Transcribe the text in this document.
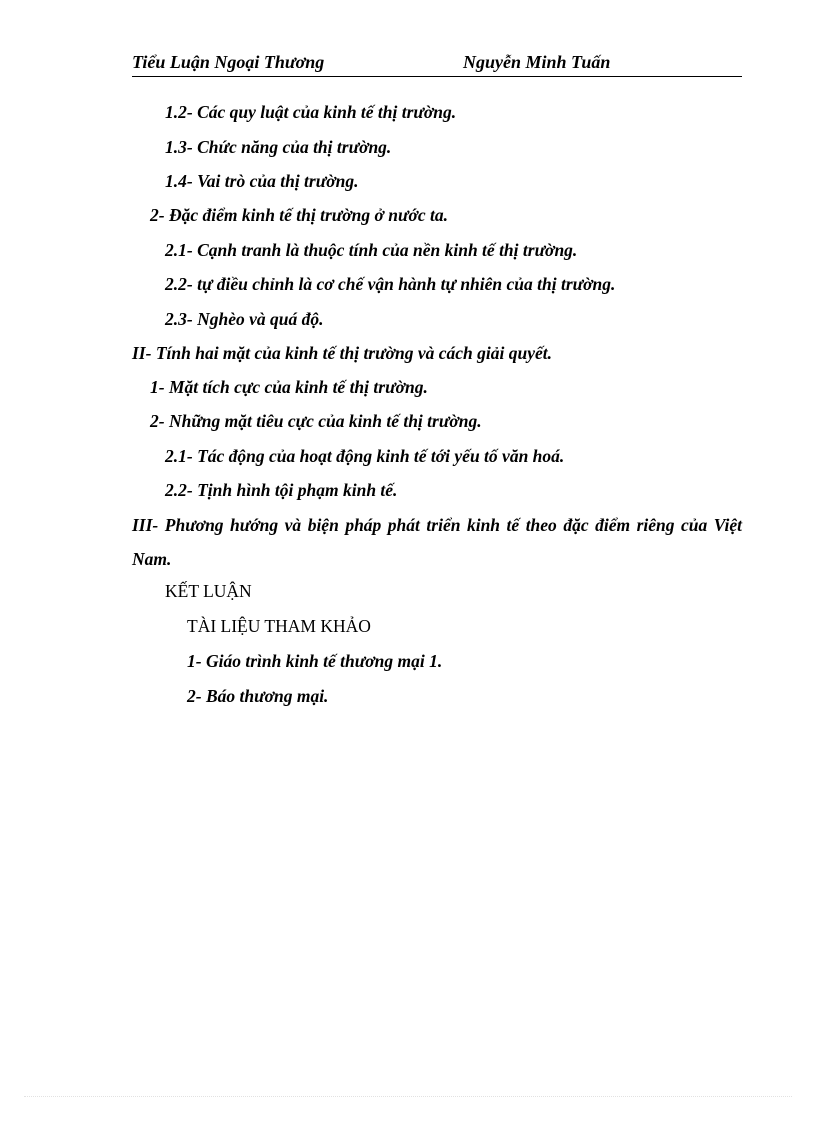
Tiểu Luận Ngoại Thương	Nguyễn Minh Tuấn
1.2- Các quy luật của kinh tế thị trường.
1.3- Chức năng của thị trường.
1.4- Vai trò của thị trường.
2- Đặc điểm kinh tế thị trường ở nước ta.
2.1- Cạnh tranh là thuộc tính của nền kinh tế thị trường.
2.2- tự điều chỉnh là cơ chế vận hành tự nhiên của thị trường.
2.3- Nghèo và quá độ.
II- Tính hai mặt của kinh tế thị trường và cách giải quyết.
1- Mặt tích cực của kinh tế thị trường.
2- Những mặt tiêu cực của kinh tế thị trường.
2.1- Tác động của hoạt động kinh tế tới yếu tố văn hoá.
2.2- Tịnh hình tội phạm kinh tế.
III- Phương hướng và biện pháp phát triển kinh tế theo đặc điểm riêng của Việt Nam.
KẾT LUẬN
TÀI LIỆU THAM KHẢO
1- Giáo trình kinh tế thương mại 1.
2- Báo thương mại.
